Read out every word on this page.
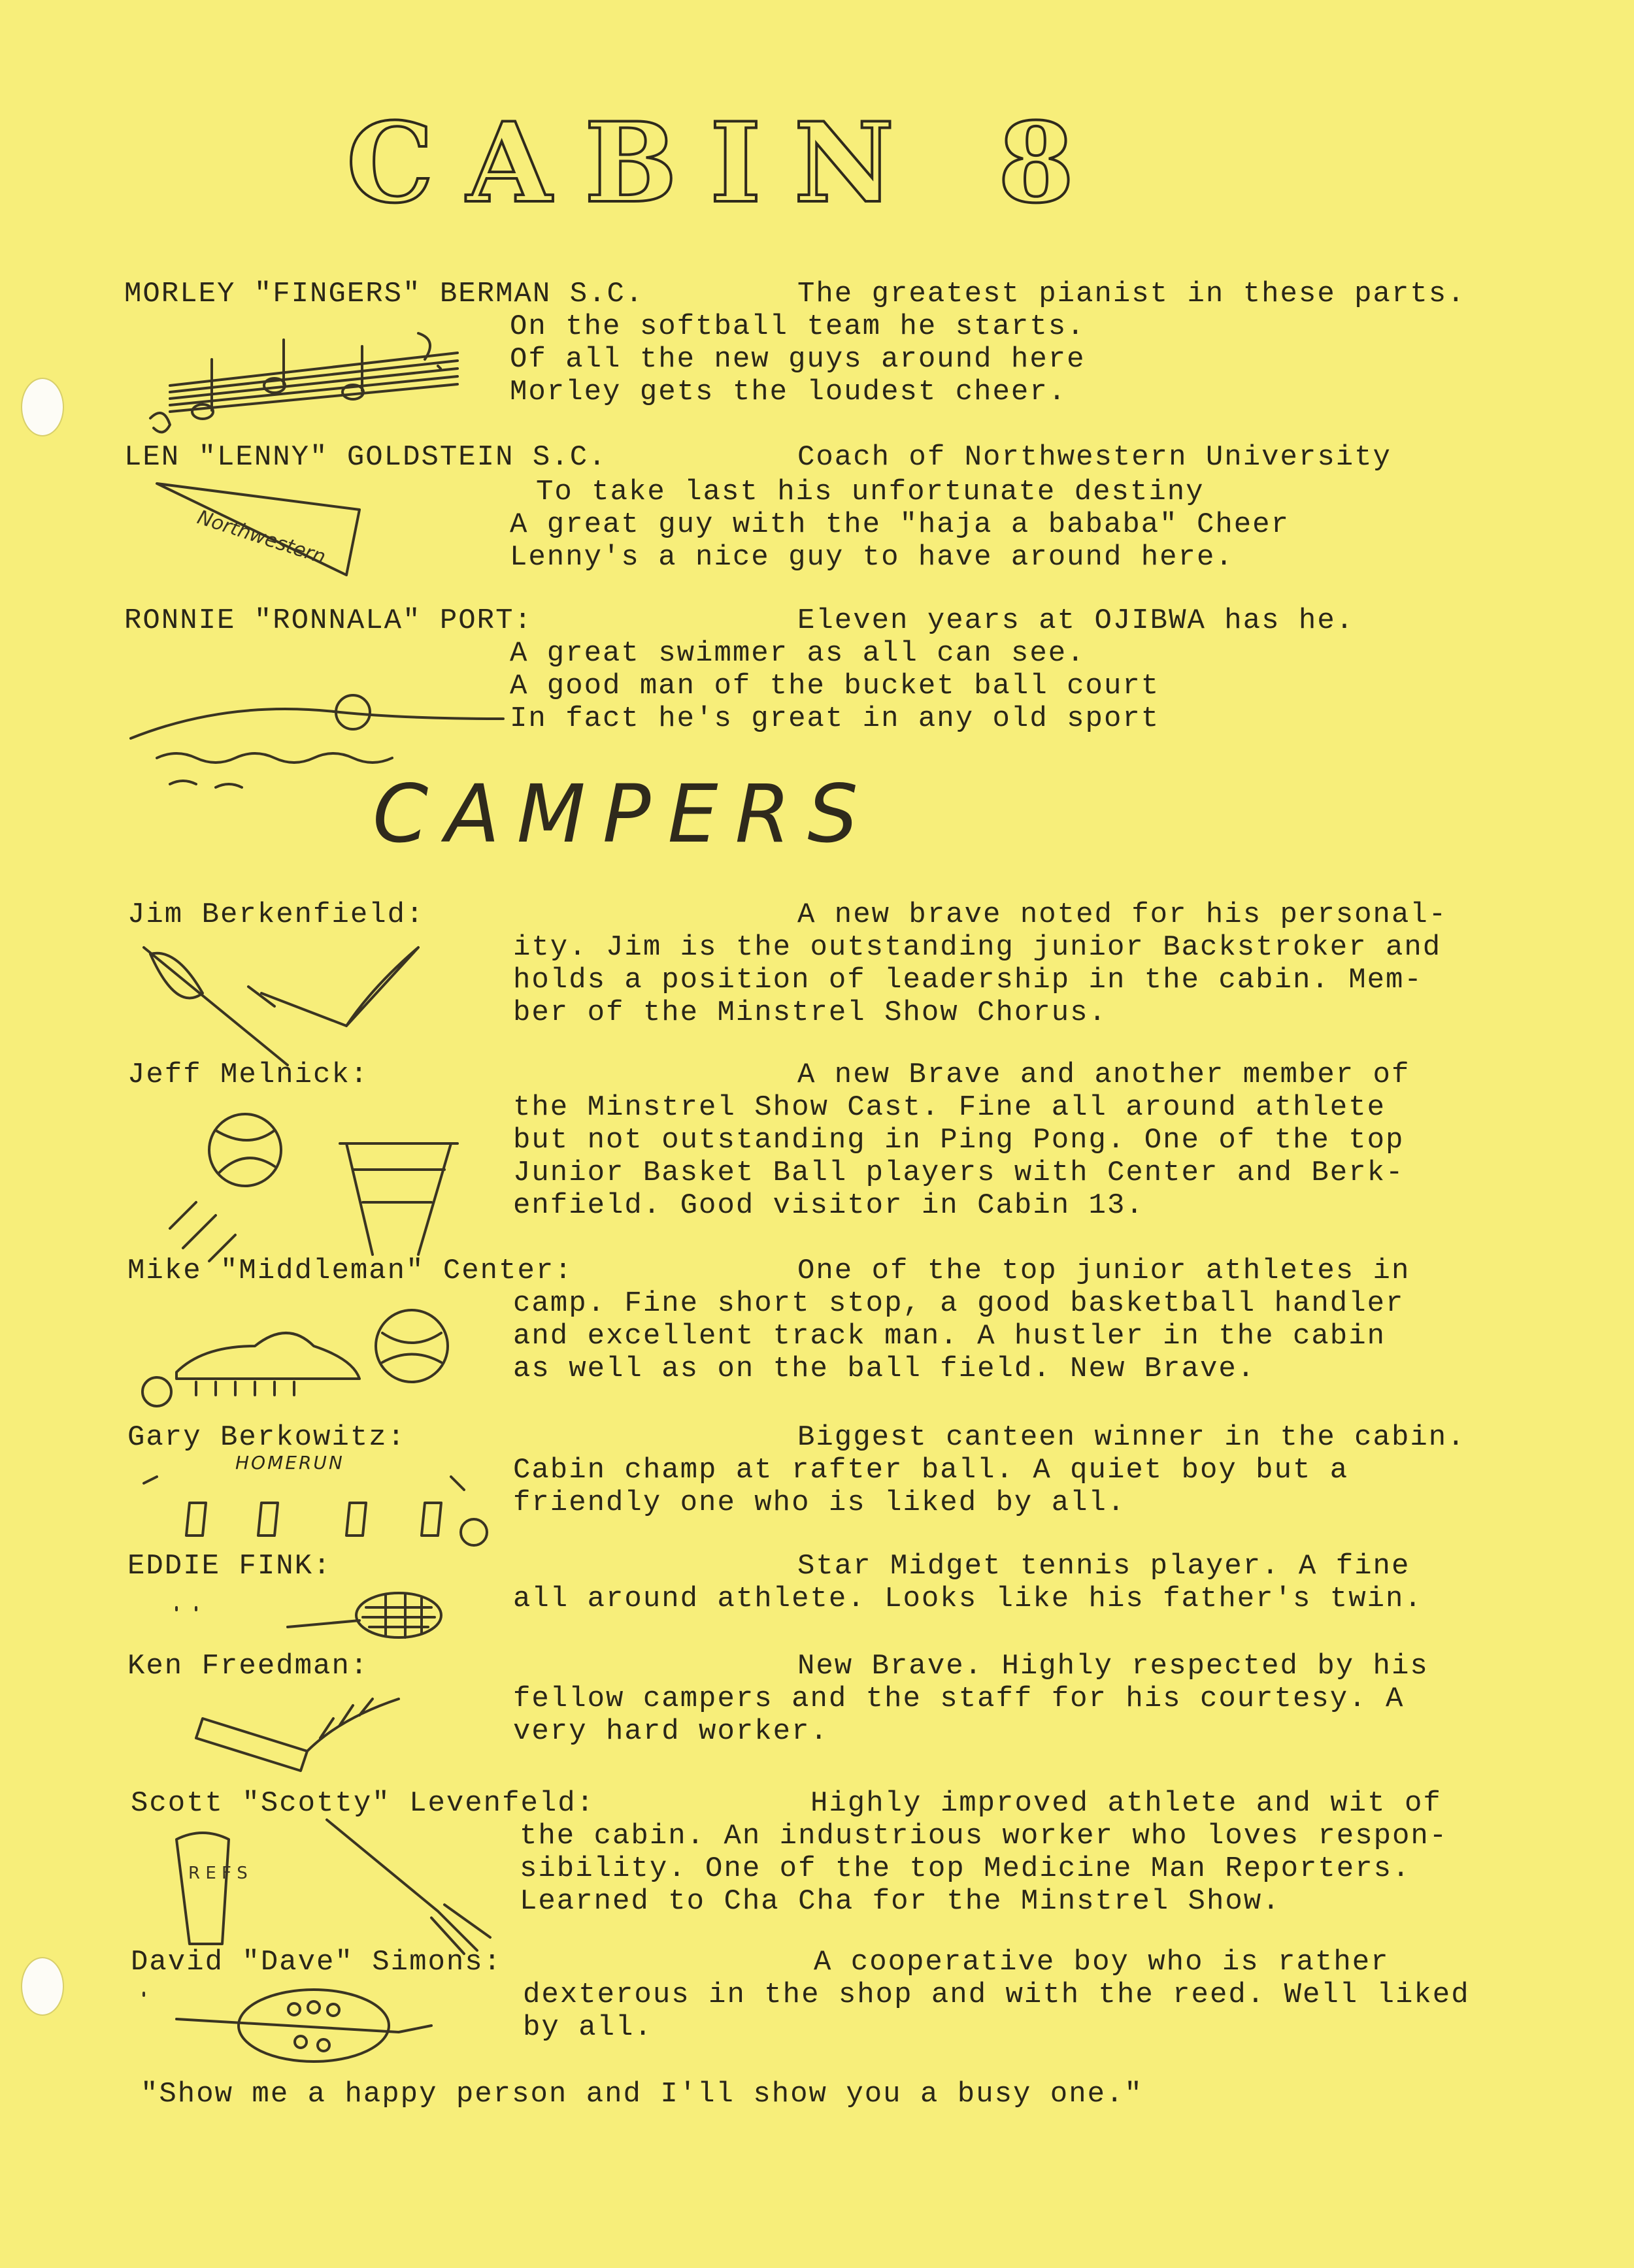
CABIN 8
MORLEY "FINGERS" BERMAN S.C.	The greatest pianist in these parts.
On the softball team he starts.
Of all the new guys around here
Morley gets the loudest cheer.
LEN "LENNY" GOLDSTEIN S.C.	Coach of Northwestern University
To take last his unfortunate destiny
A great guy with the "haja a bababa" Cheer
Lenny's a nice guy to have around here.
Northwestern
RONNIE "RONNALA" PORT:	Eleven years at OJIBWA has he.
A great swimmer as all can see.
A good man of the bucket ball court
In fact he's great in any old sport
CAMPERS
Jim Berkenfield:	A new brave noted for his personal-
ity. Jim is the outstanding junior Backstroker and
holds a position of leadership in the cabin. Mem-
ber of the Minstrel Show Chorus.
Jeff Melnick:	A new Brave and another member of
the Minstrel Show Cast. Fine all around athlete
but not outstanding in Ping Pong. One of the top
Junior Basket Ball players with Center and Berk-
enfield. Good visitor in Cabin 13.
Mike "Middleman" Center:	One of the top junior athletes in
camp. Fine short stop, a good basketball handler
and excellent track man. A hustler in the cabin
as well as on the ball field. New Brave.
Gary Berkowitz:	Biggest canteen winner in the cabin.
Cabin champ at rafter ball. A quiet boy but a
friendly one who is liked by all.
HOMERUN
EDDIE FINK:	Star Midget tennis player. A fine
all around athlete. Looks like his father's twin.
Ken Freedman:	New Brave. Highly respected by his
fellow campers and the staff for his courtesy. A
very hard worker.
Scott "Scotty" Levenfeld:	Highly improved athlete and wit of
the cabin. An industrious worker who loves respon-
sibility. One of the top Medicine Man Reporters.
Learned to Cha Cha for the Minstrel Show.
R E F S
David "Dave" Simons:	A cooperative boy who is rather
dexterous in the shop and with the reed. Well liked
by all.
"Show me a happy person and I'll show you a busy one."
